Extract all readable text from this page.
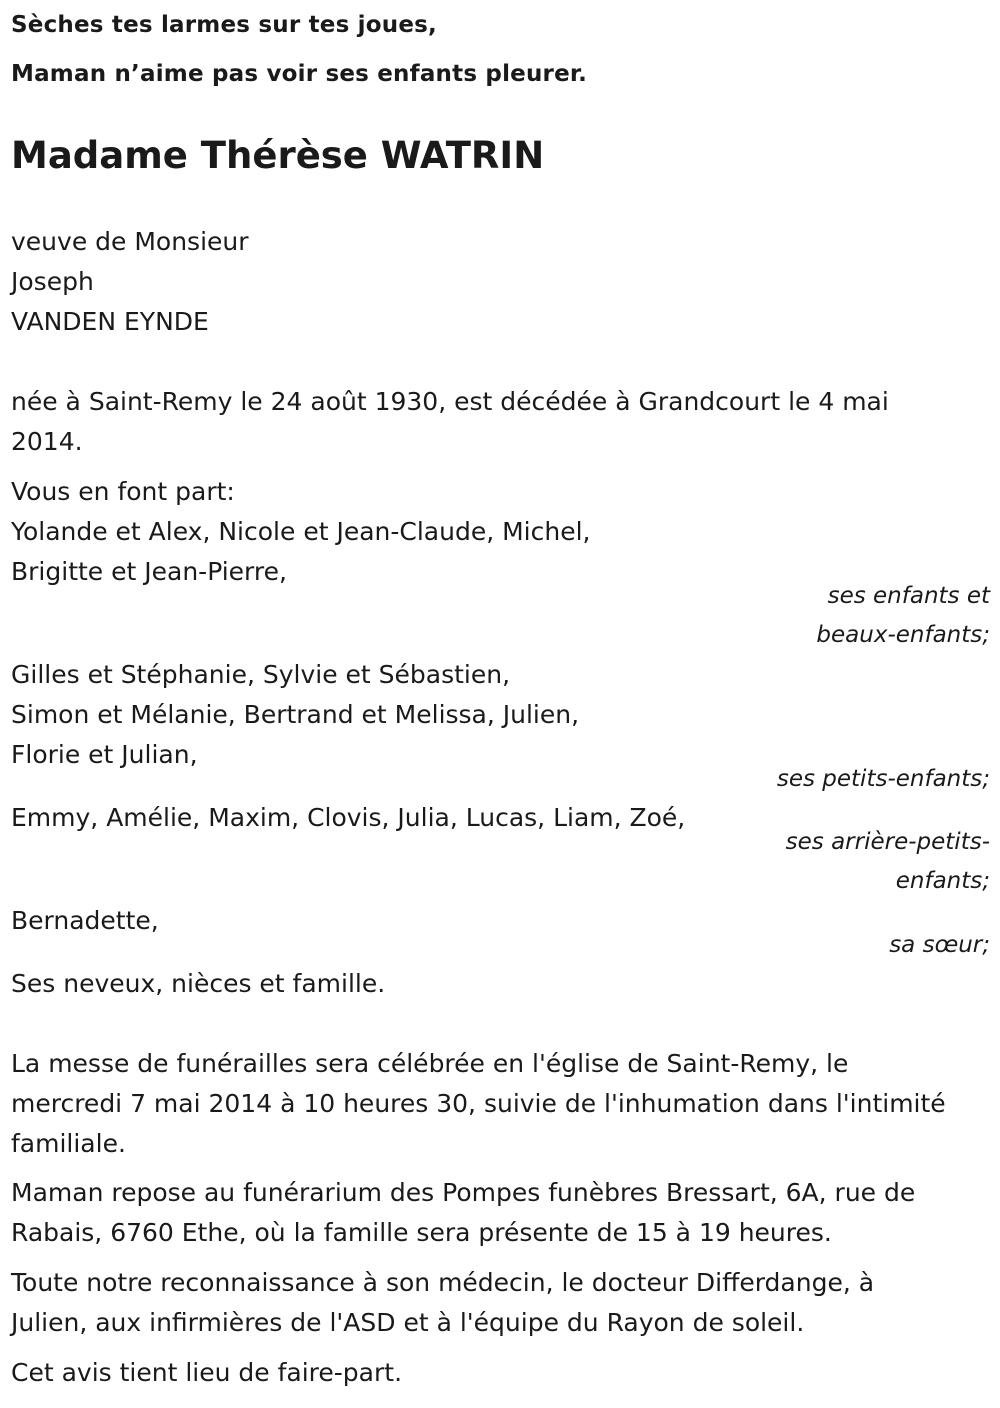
Sèches tes larmes sur tes joues,
Maman n’aime pas voir ses enfants pleurer.
Madame Thérèse WATRIN
veuve de Monsieur
Joseph
VANDEN EYNDE
née à Saint-Remy le 24 août 1930, est décédée à Grandcourt le 4 mai
2014.
Vous en font part:
Yolande et Alex, Nicole et Jean-Claude, Michel,
Brigitte et Jean-Pierre,
ses enfants et
beaux-enfants;
Gilles et Stéphanie, Sylvie et Sébastien,
Simon et Mélanie, Bertrand et Melissa, Julien,
Florie et Julian,
ses petits-enfants;
Emmy, Amélie, Maxim, Clovis, Julia, Lucas, Liam, Zoé,
ses arrière-petits-
enfants;
Bernadette,
sa sœur;
Ses neveux, nièces et famille.
La messe de funérailles sera célébrée en l'église de Saint-Remy, le
mercredi 7 mai 2014 à 10 heures 30, suivie de l'inhumation dans l'intimité
familiale.
Maman repose au funérarium des Pompes funèbres Bressart, 6A, rue de
Rabais, 6760 Ethe, où la famille sera présente de 15 à 19 heures.
Toute notre reconnaissance à son médecin, le docteur Differdange, à
Julien, aux infirmières de l'ASD et à l'équipe du Rayon de soleil.
Cet avis tient lieu de faire-part.
